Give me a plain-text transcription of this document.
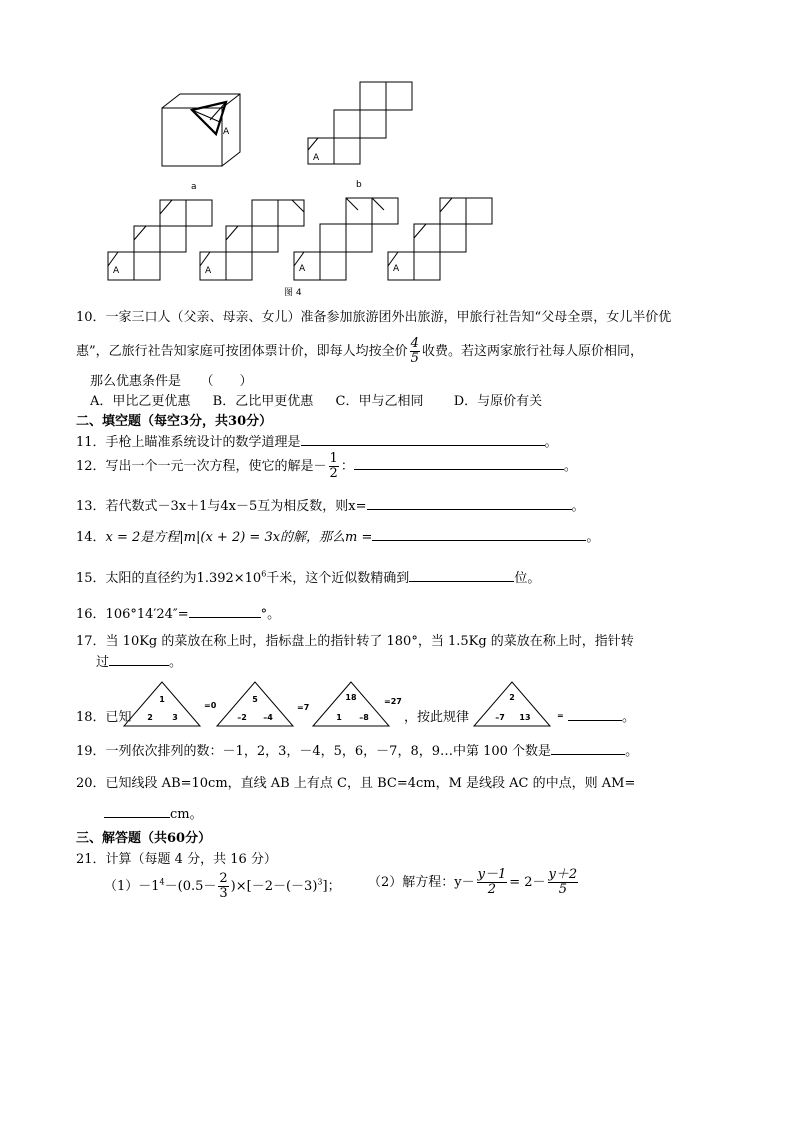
A
A
A	A	A	A
a	b
图 4
10．一家三口人（父亲、母亲、女儿）准备参加旅游团外出旅游，甲旅行社告知“父母全票，女儿半价优
惠”，乙旅行社告知家庭可按团体票计价，即每人均按全价 $\frac{4}{5}$ 收费。若这两家旅行社每人原价相同，
那么优惠条件是　　（　　）
A．甲比乙更优惠 B．乙比甲更优惠 C．甲与乙相同 D．与原价有关
二、填空题（每空3分，共30分）
11．手枪上瞄准系统设计的数学道理是	。
12．写出一个一元一次方程，使它的解是－ $\frac{1}{2}$ ：	。
13．若代数式－3x＋1与4x－5互为相反数，则x=	。
14．x = 2是方程|m|(x + 2) = 3x的解，那么m =	。
15．太阳的直径约为$1.392\times 10^6$千米，这个近似数精确到	位。
16．106°14′24″=	°。
17．当 10Kg 的菜放在称上时，指标盘上的指针转了 180°，当 1.5Kg 的菜放在称上时，指针转
过	。
18．已知
1
2 3
=0
5
–2 –4
=7
18
1 –8
=27	2
–7 13	=
，按此规律	。
19．一列依次排列的数：－1，2，3，－4，5，6，－7，8，9…中第 100 个数是	。
20．已知线段 AB=10cm，直线 AB 上有点 C，且 BC=4cm，M 是线段 AC 的中点，则 AM=
cm。
三、解答题（共60分）
21．计算（每题 4 分，共 16 分）
$(1)-1^4-(0.5- \frac{2}{3} )\times[-2-(-3)^3]$； （2）解方程：$y- \frac{y-1}{2} = 2- \frac{y+2}{5}$
